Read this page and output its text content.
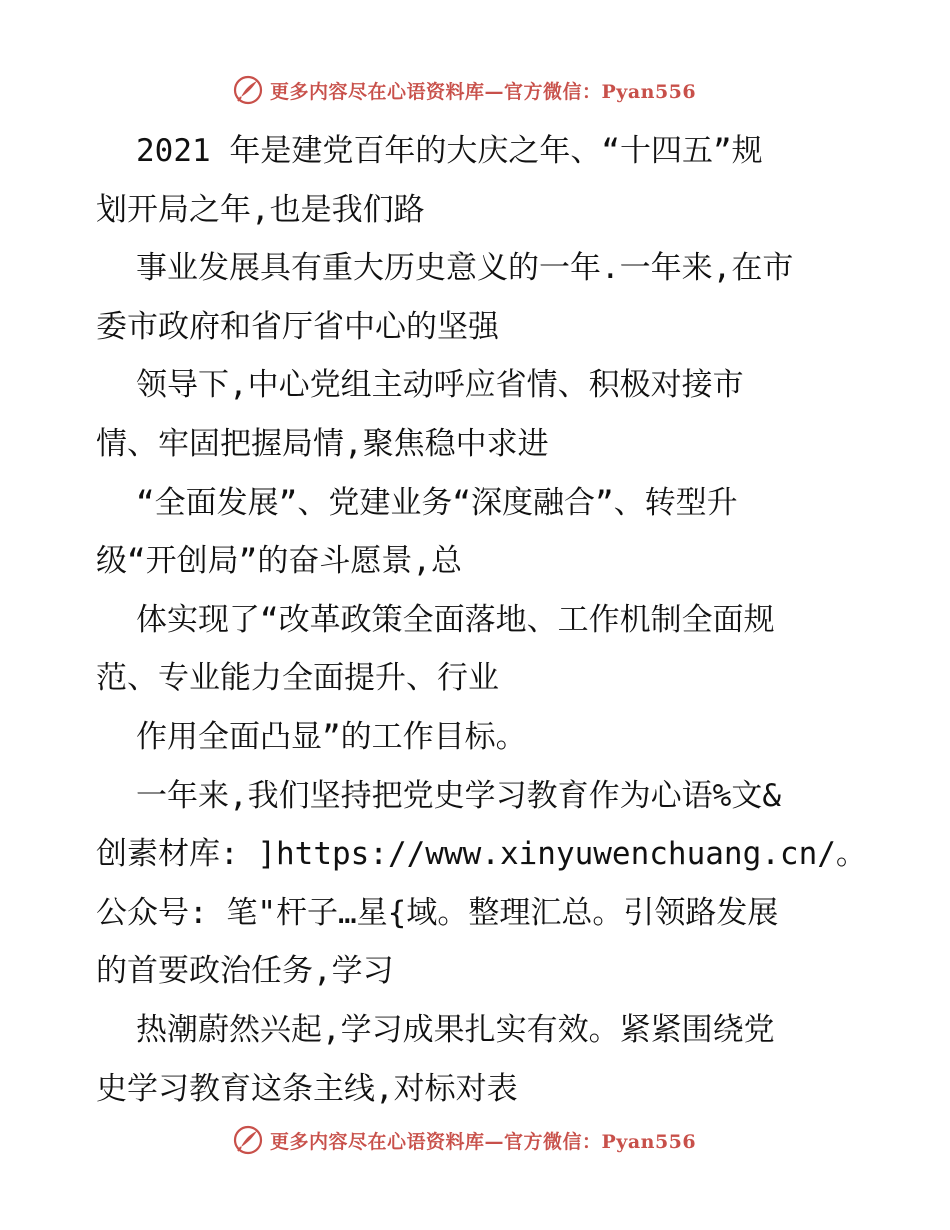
更多内容尽在心语资料库—官方微信：Pyan556
2021 年是建党百年的大庆之年、“十四五”规
划开局之年,也是我们路
事业发展具有重大历史意义的一年.一年来,在市
委市政府和省厅省中心的坚强
领导下,中心党组主动呼应省情、积极对接市
情、牢固把握局情,聚焦稳中求进
“全面发展”、党建业务“深度融合”、转型升
级“开创局”的奋斗愿景,总
体实现了“改革政策全面落地、工作机制全面规
范、专业能力全面提升、行业
作用全面凸显”的工作目标。
一年来,我们坚持把党史学习教育作为心语%文&
创素材库: ]https://www.xinyuwenchuang.cn/。
公众号: 笔"杆子…星{域。整理汇总。引领路发展
的首要政治任务,学习
热潮蔚然兴起,学习成果扎实有效。紧紧围绕党
史学习教育这条主线,对标对表
更多内容尽在心语资料库—官方微信：Pyan556
